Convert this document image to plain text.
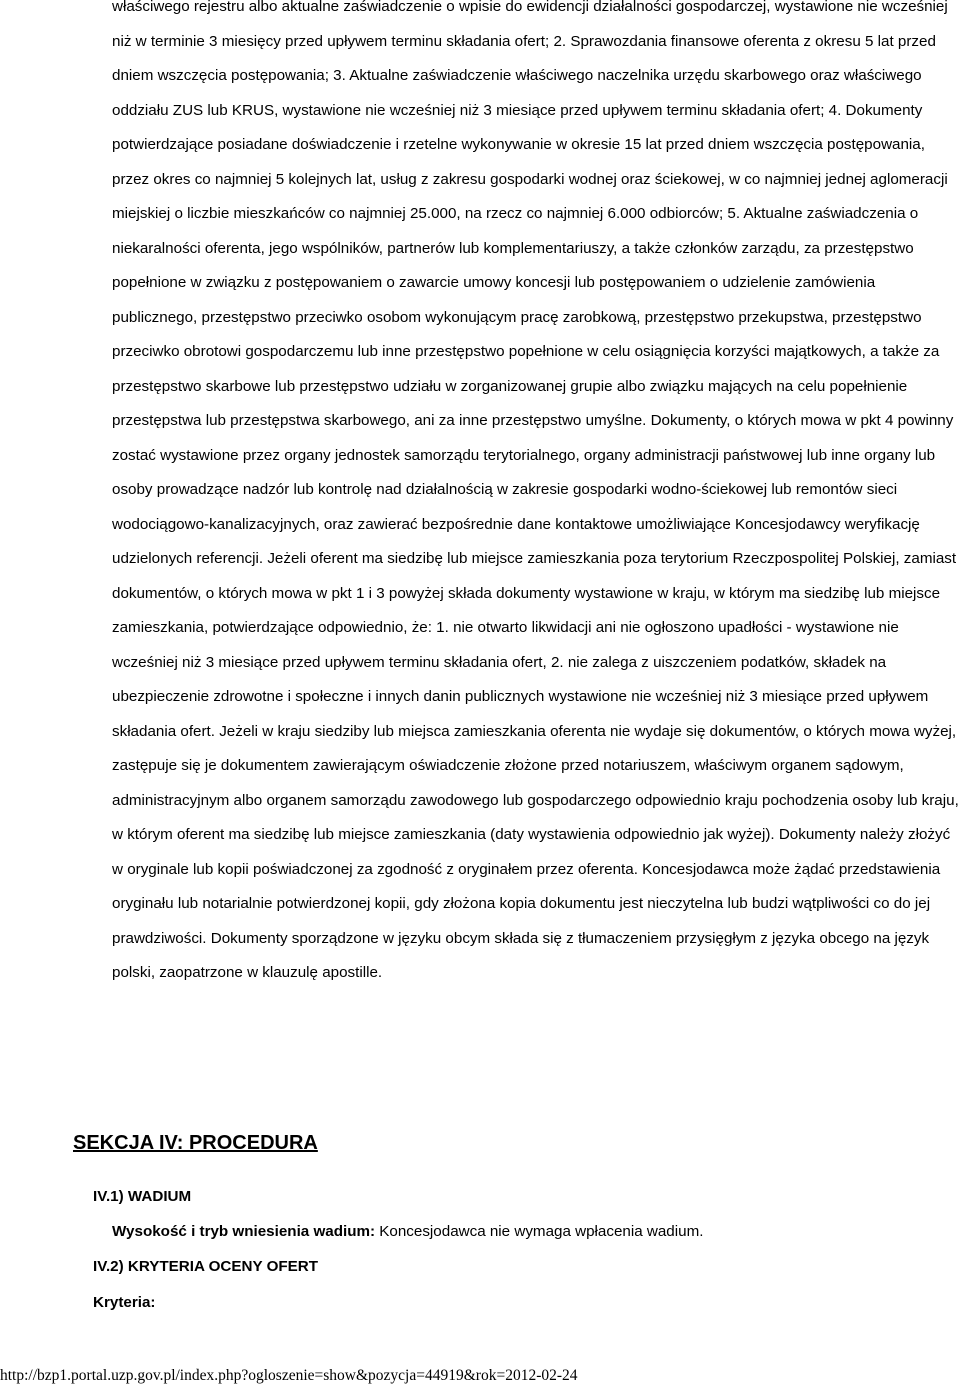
właściwego rejestru albo aktualne zaświadczenie o wpisie do ewidencji działalności gospodarczej, wystawione nie wcześniej niż w terminie 3 miesięcy przed upływem terminu składania ofert; 2. Sprawozdania finansowe oferenta z okresu 5 lat przed dniem wszczęcia postępowania; 3. Aktualne zaświadczenie właściwego naczelnika urzędu skarbowego oraz właściwego oddziału ZUS lub KRUS, wystawione nie wcześniej niż 3 miesiące przed upływem terminu składania ofert; 4. Dokumenty potwierdzające posiadane doświadczenie i rzetelne wykonywanie w okresie 15 lat przed dniem wszczęcia postępowania, przez okres co najmniej 5 kolejnych lat, usług z zakresu gospodarki wodnej oraz ściekowej, w co najmniej jednej aglomeracji miejskiej o liczbie mieszkańców co najmniej 25.000, na rzecz co najmniej 6.000 odbiorców; 5. Aktualne zaświadczenia o niekaralności oferenta, jego wspólników, partnerów lub komplementariuszy, a także członków zarządu, za przestępstwo popełnione w związku z postępowaniem o zawarcie umowy koncesji lub postępowaniem o udzielenie zamówienia publicznego, przestępstwo przeciwko osobom wykonującym pracę zarobkową, przestępstwo przekupstwa, przestępstwo przeciwko obrotowi gospodarczemu lub inne przestępstwo popełnione w celu osiągnięcia korzyści majątkowych, a także za przestępstwo skarbowe lub przestępstwo udziału w zorganizowanej grupie albo związku mających na celu popełnienie przestępstwa lub przestępstwa skarbowego, ani za inne przestępstwo umyślne. Dokumenty, o których mowa w pkt 4 powinny zostać wystawione przez organy jednostek samorządu terytorialnego, organy administracji państwowej lub inne organy lub osoby prowadzące nadzór lub kontrolę nad działalnością w zakresie gospodarki wodno-ściekowej lub remontów sieci wodociągowo-kanalizacyjnych, oraz zawierać bezpośrednie dane kontaktowe umożliwiające Koncesjodawcy weryfikację udzielonych referencji. Jeżeli oferent ma siedzibę lub miejsce zamieszkania poza terytorium Rzeczpospolitej Polskiej, zamiast dokumentów, o których mowa w pkt 1 i 3 powyżej składa dokumenty wystawione w kraju, w którym ma siedzibę lub miejsce zamieszkania, potwierdzające odpowiednio, że: 1. nie otwarto likwidacji ani nie ogłoszono upadłości - wystawione nie wcześniej niż 3 miesiące przed upływem terminu składania ofert, 2. nie zalega z uiszczeniem podatków, składek na ubezpieczenie zdrowotne i społeczne i innych danin publicznych wystawione nie wcześniej niż 3 miesiące przed upływem składania ofert. Jeżeli w kraju siedziby lub miejsca zamieszkania oferenta nie wydaje się dokumentów, o których mowa wyżej, zastępuje się je dokumentem zawierającym oświadczenie złożone przed notariuszem, właściwym organem sądowym, administracyjnym albo organem samorządu zawodowego lub gospodarczego odpowiednio kraju pochodzenia osoby lub kraju, w którym oferent ma siedzibę lub miejsce zamieszkania (daty wystawienia odpowiednio jak wyżej). Dokumenty należy złożyć w oryginale lub kopii poświadczonej za zgodność z oryginałem przez oferenta. Koncesjodawca może żądać przedstawienia oryginału lub notarialnie potwierdzonej kopii, gdy złożona kopia dokumentu jest nieczytelna lub budzi wątpliwości co do jej prawdziwości. Dokumenty sporządzone w języku obcym składa się z tłumaczeniem przysięgłym z języka obcego na język polski, zaopatrzone w klauzulę apostille.

SEKCJA IV: PROCEDURA

IV.1) WADIUM

Wysokość i tryb wniesienia wadium: Koncesjodawca nie wymaga wpłacenia wadium.

IV.2) KRYTERIA OCENY OFERT

Kryteria:

http://bzp1.portal.uzp.gov.pl/index.php?ogloszenie=show&pozycja=44919&rok=2012-02-24
